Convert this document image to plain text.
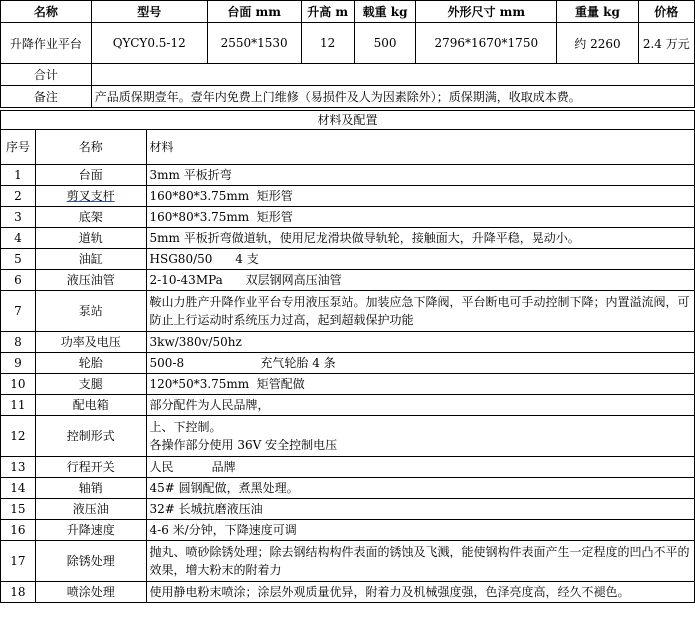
名称	型号	台面 mm	升高 m	载重 kg	外形尺寸 mm	重量 kg	价格
升降作业平台	QYCY0.5-12	2550*1530	12	500	2796*1670*1750	约 2260	2.4 万元
合计							
备注	产品质保期壹年。壹年内免费上门维修（易损件及人为因素除外）；质保期满，收取成本费。						
材料及配置		
序号	名称	材料
1	台面	3mm 平板折弯
2	剪叉支杆	160*80*3.75mm  矩形管
3	底架	160*80*3.75mm  矩形管
4	道轨	5mm 平板折弯做道轨，使用尼龙滑块做导轨轮，接触面大，升降平稳，晃动小。
5	油缸	HSG80/50      4 支
6	液压油管	2-10-43MPa      双层钢网高压油管
7	泵站	鞍山力胜产升降作业平台专用液压泵站。加装应急下降阀，平台断电可手动控制下降；内置溢流阀，可防止上行运动时系统压力过高，起到超载保护功能
8	功率及电压	3kw/380v/50hz
9	轮胎	500-8                    充气轮胎 4 条
10	支腿	120*50*3.75mm  矩管配做
11	配电箱	部分配件为人民品牌，
12	控制形式	上、下控制。
各操作部分使用 36V 安全控制电压
13	行程开关	人民          品牌
14	轴销	45# 圆钢配做，煮黑处理。
15	液压油	32# 长城抗磨液压油
16	升降速度	4-6 米/分钟，下降速度可调
17	除锈处理	抛丸、喷砂除锈处理；除去钢结构构件表面的锈蚀及飞溅，能使钢构件表面产生一定程度的凹凸不平的效果，增大粉末的附着力
18	喷涂处理	使用静电粉末喷涂；涂层外观质量优异，附着力及机械强度强，色泽亮度高，经久不褪色。
